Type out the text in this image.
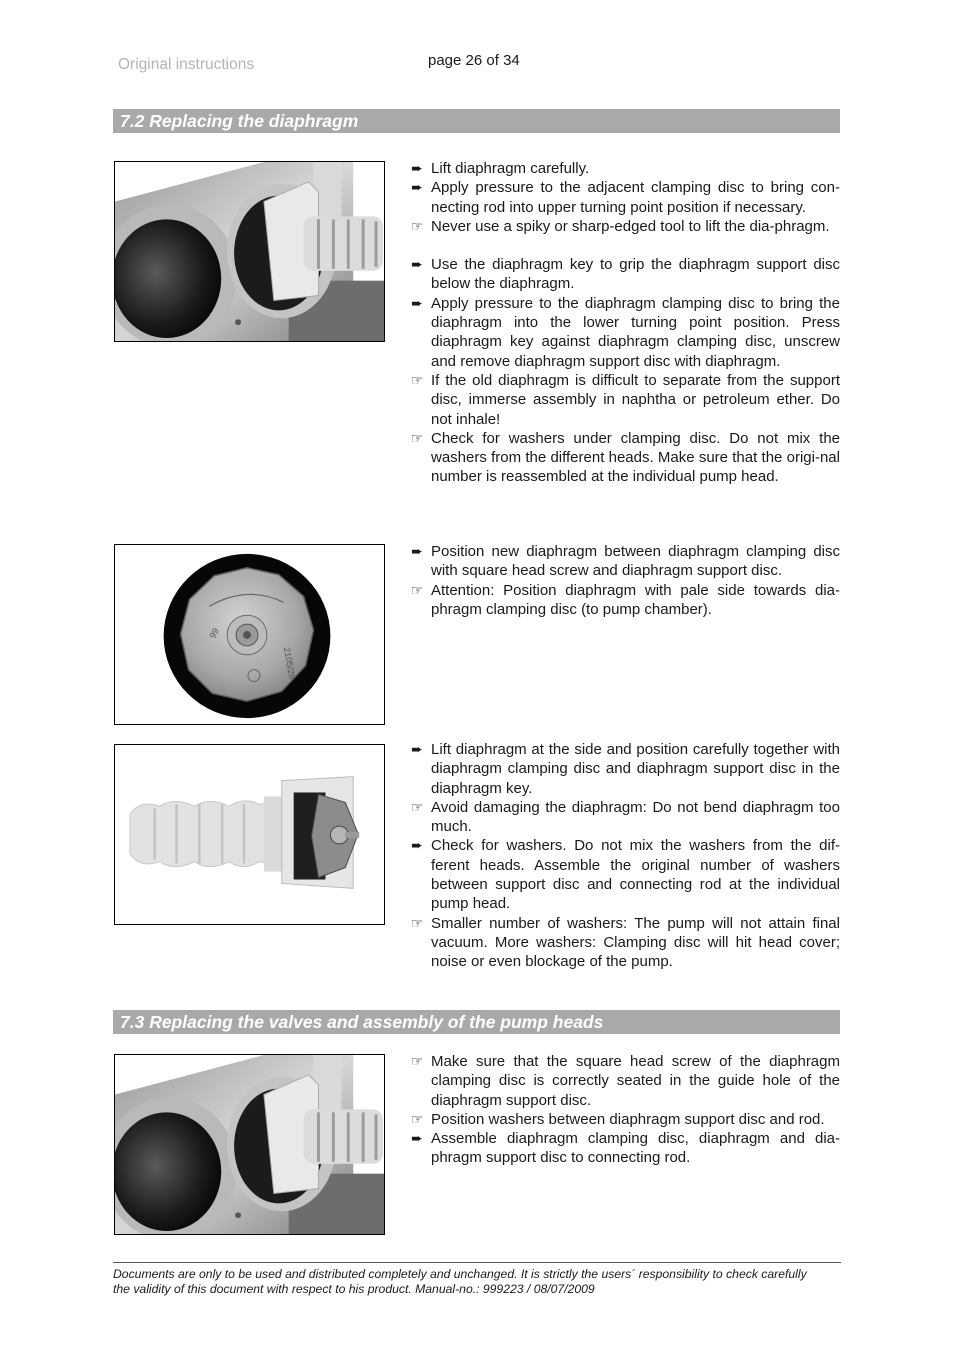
Original instructions	page 26 of 34
7.2 Replacing the diaphragm
➨ Lift diaphragm carefully.
➨ Apply pressure to the adjacent clamping disc to bring con-necting rod into upper turning point position if necessary.
☞ Never use a spiky or sharp-edged tool to lift the dia-phragm.
➨ Use the diaphragm key to grip the diaphragm support disc below the diaphragm.
➨ Apply pressure to the diaphragm clamping disc to bring the diaphragm into the lower turning point position. Press diaphragm key against diaphragm clamping disc, unscrew and remove diaphragm support disc with diaphragm.
☞ If the old diaphragm is difficult to separate from the support disc, immerse assembly in naphtha or petroleum ether. Do not inhale!
☞ Check for washers under clamping disc. Do not mix the washers from the different heads. Make sure that the origi-nal number is reassembled at the individual pump head.
99
2105/28
➨ Position new diaphragm between diaphragm clamping disc with square head screw and diaphragm support disc.
☞ Attention: Position diaphragm with pale side towards dia-phragm clamping disc (to pump chamber).
➨ Lift diaphragm at the side and position carefully together with diaphragm clamping disc and diaphragm support disc in the diaphragm key.
☞ Avoid damaging the diaphragm: Do not bend diaphragm too much.
➨ Check for washers. Do not mix the washers from the dif-ferent heads. Assemble the original number of washers between support disc and connecting rod at the individual pump head.
☞ Smaller number of washers: The pump will not attain final vacuum. More washers: Clamping disc will hit head cover; noise or even blockage of the pump.
7.3 Replacing the valves and assembly of the pump heads
☞ Make sure that the square head screw of the diaphragm clamping disc is correctly seated in the guide hole of the diaphragm support disc.
☞ Position washers between diaphragm support disc and rod.
➨ Assemble diaphragm clamping disc, diaphragm and dia-phragm support disc to connecting rod.
Documents are only to be used and distributed completely and unchanged. It is strictly the users´ responsibility to check carefully
the validity of this document with respect to his product. Manual-no.: 999223 / 08/07/2009
